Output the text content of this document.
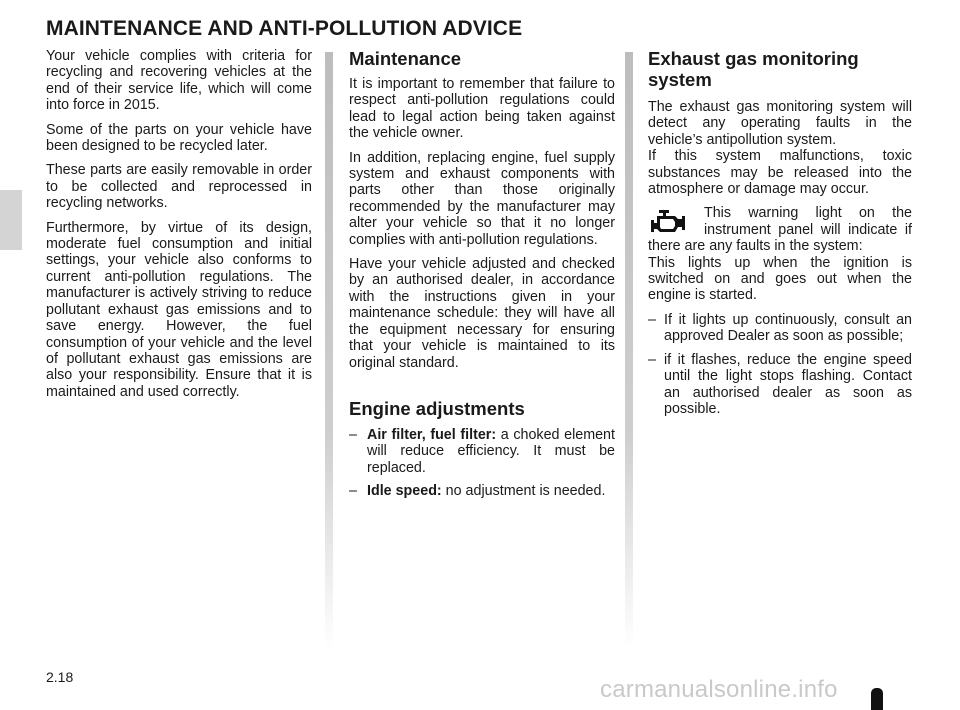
MAINTENANCE AND ANTI-POLLUTION ADVICE

Your vehicle complies with criteria for recycling and recovering vehicles at the end of their service life, which will come into force in 2015.

Some of the parts on your vehicle have been designed to be recycled later.

These parts are easily removable in order to be collected and reprocessed in recycling networks.

Furthermore, by virtue of its design, moderate fuel consumption and initial settings, your vehicle also conforms to current anti-pollution regulations. The manufacturer is actively striving to reduce pollutant exhaust gas emissions and to save energy. However, the fuel consumption of your vehicle and the level of pollutant exhaust gas emissions are also your responsibility. Ensure that it is maintained and used correctly.

Maintenance

It is important to remember that failure to respect anti-pollution regulations could lead to legal action being taken against the vehicle owner.

In addition, replacing engine, fuel supply system and exhaust components with parts other than those originally recommended by the manufacturer may alter your vehicle so that it no longer complies with anti-pollution regulations.

Have your vehicle adjusted and checked by an authorised dealer, in accordance with the instructions given in your maintenance schedule: they will have all the equipment necessary for ensuring that your vehicle is maintained to its original standard.

Engine adjustments
– Air filter, fuel filter: a choked element will reduce efficiency. It must be replaced.
– Idle speed: no adjustment is needed.
Exhaust gas monitoring system

The exhaust gas monitoring system will detect any operating faults in the vehicle’s antipollution system.

If this system malfunctions, toxic substances may be released into the atmosphere or damage may occur.

This warning light on the instrument panel will indicate if there are any faults in the system:

This lights up when the ignition is switched on and goes out when the engine is started.

– If it lights up continuously, consult an approved Dealer as soon as possible;
– if it flashes, reduce the engine speed until the light stops flashing. Contact an authorised dealer as soon as possible.

2.18	carmanualsonline.info
